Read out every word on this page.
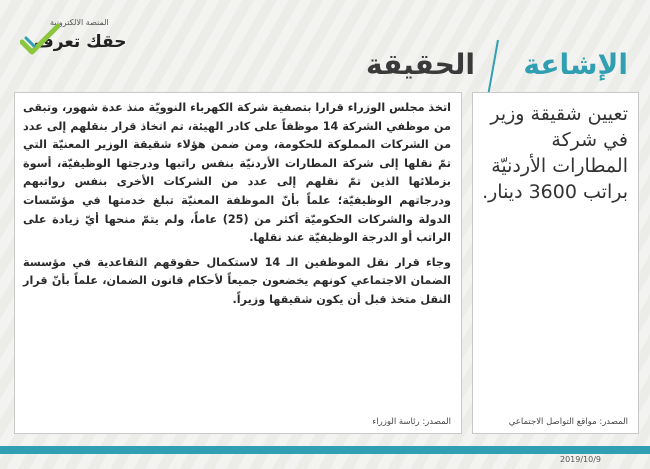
المنصة الالكترونية
حقك تعرف
الإشاعة
الحقيقة

تعيين شقيقة وزير في شركة المطارات الأردنيّة براتب 3600 دينار.

المصدر: مواقع التواصل الاجتماعي

اتخذ مجلس الوزراء قرارا بتصفية شركة الكهرباء النوويّة منذ عدة شهور، وتبقى من موظفي الشركة 14 موظفاً على كادر الهيئة، تم اتخاذ قرار بنقلهم إلى عدد من الشركات المملوكة للحكومة، ومن ضمن هؤلاء شقيقة الوزير المعنيّة التي تمّ نقلها إلى شركة المطارات الأردنيّة بنفس راتبها ودرجتها الوظيفيّة، أسوة بزملائها الذين تمّ نقلهم إلى عدد من الشركات الأخرى بنفس رواتبهم ودرجاتهم الوظيفيّة؛ علماً بأنّ الموظفة المعنيّة تبلغ خدمتها في مؤسّسات الدولة والشركات الحكوميّة أكثر من (25) عاماً، ولم يتمّ منحها أيّ زيادة على الراتب أو الدرجة الوظيفيّة عند نقلها.

وجاء قرار نقل الموظفين الـ 14 لاستكمال حقوقهم التقاعدية في مؤسسة الضمان الاجتماعي كونهم يخضعون جميعاً لأحكام قانون الضمان، علماً بأنّ قرار النقل متخذ قبل أن يكون شقيقها وزيراً.

المصدر: رئاسة الوزراء
2019/10/9
